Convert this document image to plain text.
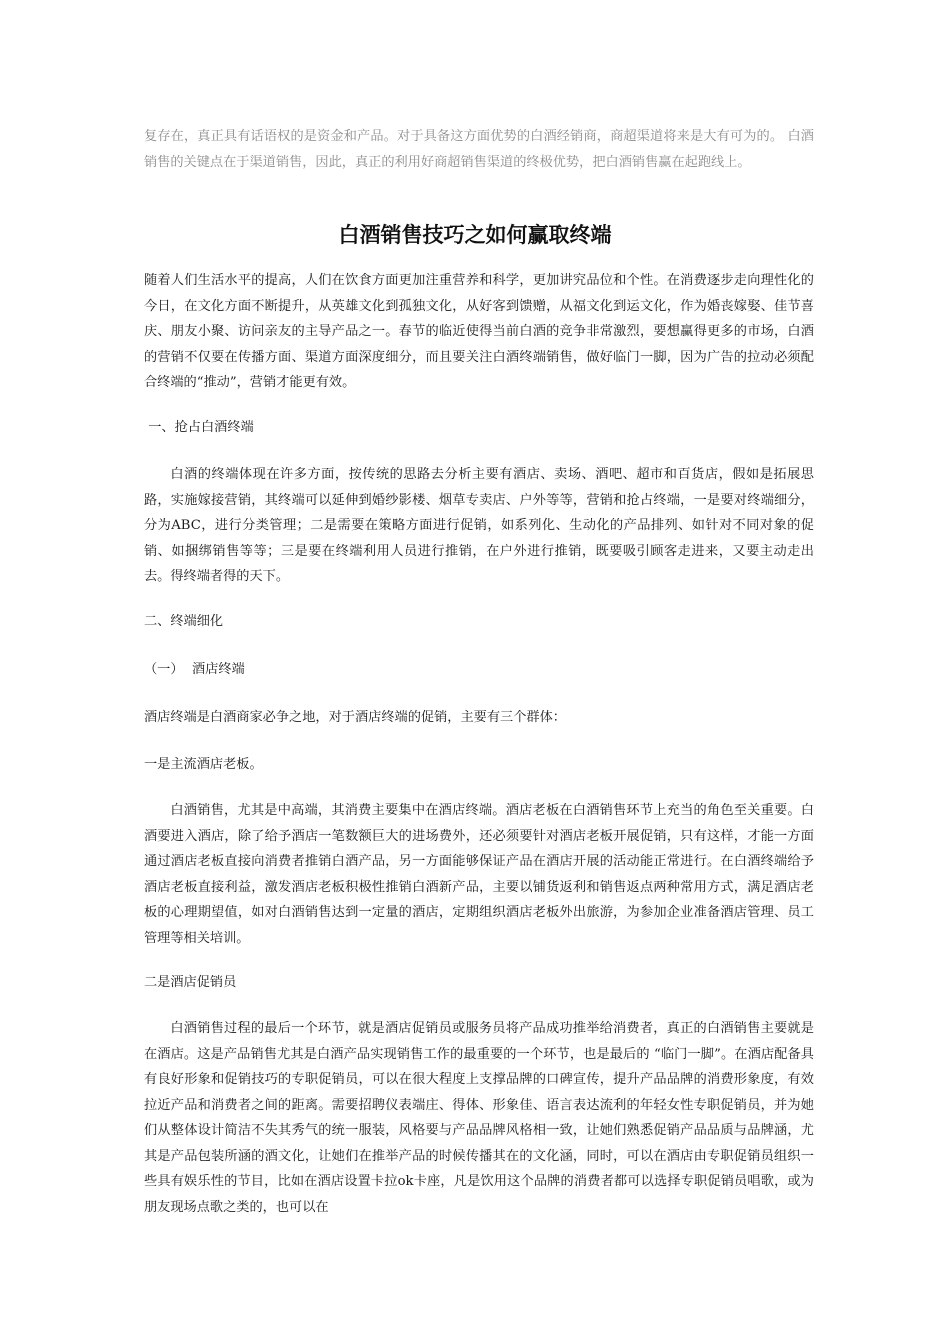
复存在，真正具有话语权的是资金和产品。对于具备这方面优势的白酒经销商，商超渠道将来是大有可为的。 白酒销售的关键点在于渠道销售，因此，真正的利用好商超销售渠道的终极优势，把白酒销售赢在起跑线上。
白酒销售技巧之如何赢取终端
随着人们生活水平的提高，人们在饮食方面更加注重营养和科学，更加讲究品位和个性。在消费逐步走向理性化的今日，在文化方面不断提升，从英雄文化到孤独文化，从好客到馈赠，从福文化到运文化，作为婚丧嫁娶、佳节喜庆、朋友小聚、访问亲友的主导产品之一。春节的临近使得当前白酒的竞争非常激烈，要想赢得更多的市场，白酒的营销不仅要在传播方面、渠道方面深度细分，而且要关注白酒终端销售，做好临门一脚，因为广告的拉动必须配合终端的“推动”，营销才能更有效。
一、抢占白酒终端
白酒的终端体现在许多方面，按传统的思路去分析主要有酒店、卖场、酒吧、超市和百货店，假如是拓展思路，实施嫁接营销，其终端可以延伸到婚纱影楼、烟草专卖店、户外等等，营销和抢占终端，一是要对终端细分，分为ABC，进行分类管理；二是需要在策略方面进行促销，如系列化、生动化的产品排列、如针对不同对象的促销、如捆绑销售等等；三是要在终端利用人员进行推销，在户外进行推销，既要吸引顾客走进来，又要主动走出去。得终端者得的天下。
二、终端细化
（一）  酒店终端
酒店终端是白酒商家必争之地，对于酒店终端的促销，主要有三个群体：
一是主流酒店老板。
白酒销售，尤其是中高端，其消费主要集中在酒店终端。酒店老板在白酒销售环节上充当的角色至关重要。白酒要进入酒店，除了给予酒店一笔数额巨大的进场费外，还必须要针对酒店老板开展促销，只有这样，才能一方面通过酒店老板直接向消费者推销白酒产品，另一方面能够保证产品在酒店开展的活动能正常进行。在白酒终端给予酒店老板直接利益，激发酒店老板积极性推销白酒新产品，主要以铺货返利和销售返点两种常用方式，满足酒店老板的心理期望值，如对白酒销售达到一定量的酒店，定期组织酒店老板外出旅游，为参加企业准备酒店管理、员工管理等相关培训。
二是酒店促销员
白酒销售过程的最后一个环节，就是酒店促销员或服务员将产品成功推举给消费者，真正的白酒销售主要就是在酒店。这是产品销售尤其是白酒产品实现销售工作的最重要的一个环节，也是最后的 “临门一脚”。在酒店配备具有良好形象和促销技巧的专职促销员，可以在很大程度上支撑品牌的口碑宣传，提升产品品牌的消费形象度，有效拉近产品和消费者之间的距离。需要招聘仪表端庄、得体、形象佳、语言表达流利的年轻女性专职促销员，并为她们从整体设计简洁不失其秀气的统一服装，风格要与产品品牌风格相一致，让她们熟悉促销产品品质与品牌涵，尤其是产品包装所涵的酒文化，让她们在推举产品的时候传播其在的文化涵，同时，可以在酒店由专职促销员组织一些具有娱乐性的节目，比如在酒店设置卡拉ok卡座，凡是饮用这个品牌的消费者都可以选择专职促销员唱歌，或为朋友现场点歌之类的，也可以在
